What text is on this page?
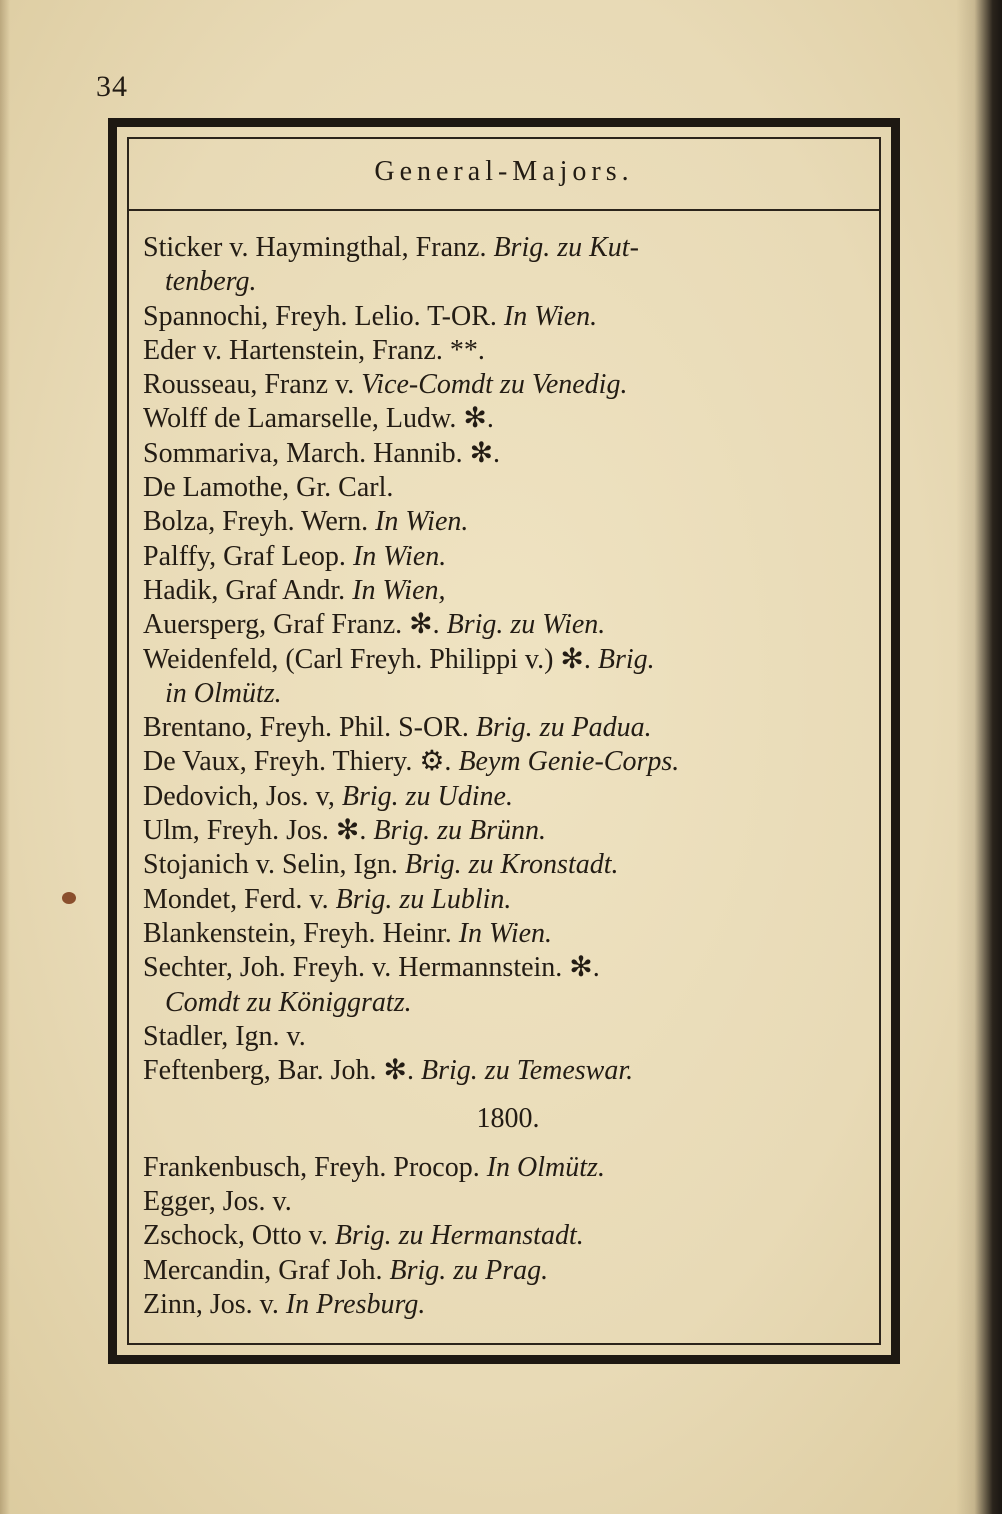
34
General-Majors.
Sticker v. Haymingthal, Franz. Brig. zu Kut-
tenberg.
Spannochi, Freyh. Lelio. T-OR. In Wien.
Eder v. Hartenstein, Franz. **.
Rousseau, Franz v. Vice-Comdt zu Venedig.
Wolff de Lamarselle, Ludw. ✻.
Sommariva, March. Hannib. ✻.
De Lamothe, Gr. Carl.
Bolza, Freyh. Wern. In Wien.
Palffy, Graf Leop. In Wien.
Hadik, Graf Andr. In Wien,
Auersperg, Graf Franz. ✻. Brig. zu Wien.
Weidenfeld, (Carl Freyh. Philippi v.) ✻. Brig.
in Olmütz.
Brentano, Freyh. Phil. S-OR. Brig. zu Padua.
De Vaux, Freyh. Thiery. ⚙. Beym Genie-Corps.
Dedovich, Jos. v, Brig. zu Udine.
Ulm, Freyh. Jos. ✻. Brig. zu Brünn.
Stojanich v. Selin, Ign. Brig. zu Kronstadt.
Mondet, Ferd. v. Brig. zu Lublin.
Blankenstein, Freyh. Heinr. In Wien.
Sechter, Joh. Freyh. v. Hermannstein. ✻.
Comdt zu Königgratz.
Stadler, Ign. v.
Feftenberg, Bar. Joh. ✻. Brig. zu Temeswar.
1800.
Frankenbusch, Freyh. Procop. In Olmütz.
Egger, Jos. v.
Zschock, Otto v. Brig. zu Hermanstadt.
Mercandin, Graf Joh. Brig. zu Prag.
Zinn, Jos. v. In Presburg.
